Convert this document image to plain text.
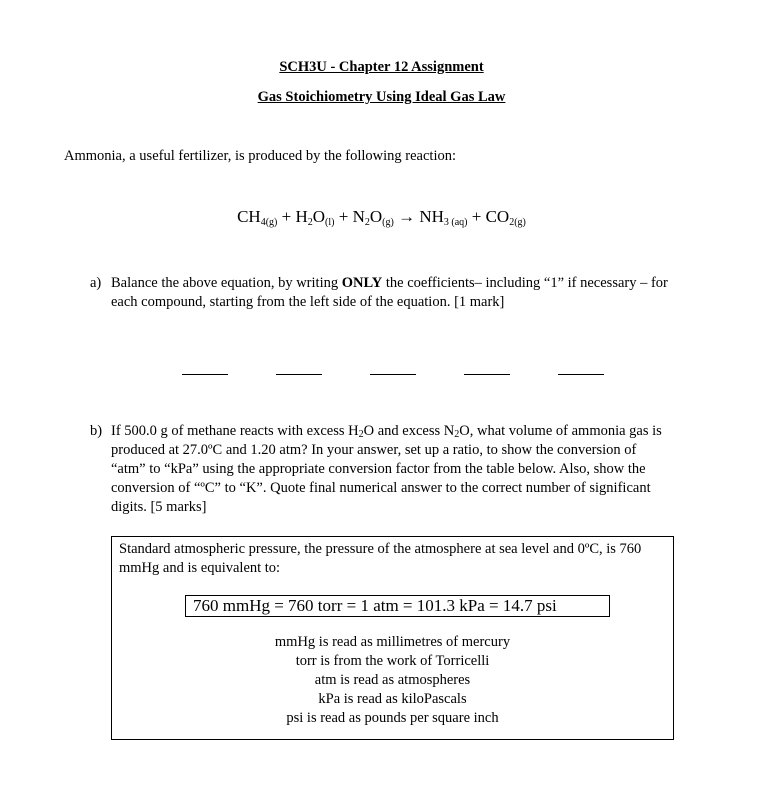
SCH3U - Chapter 12 Assignment
Gas Stoichiometry Using Ideal Gas Law
Ammonia, a useful fertilizer, is produced by the following reaction:
$CH_{4(g)} + H_2O_{(l)} + N_2O_{(g)} \to NH_{3 (aq)} + CO_{2(g)}$
a) Balance the above equation, by writing ONLY the coefficients– including “1” if necessary – for each compound, starting from the left side of the equation. [1 mark]
b) If 500.0 g of methane reacts with excess $H_2O$ and excess $N_2O$, what volume of ammonia gas is produced at 27.0ºC and 1.20 atm? In your answer, set up a ratio, to show the conversion of “atm” to “kPa” using the appropriate conversion factor from the table below. Also, show the conversion of “ºC” to “K”. Quote final numerical answer to the correct number of significant digits. [5 marks]
Standard atmospheric pressure, the pressure of the atmosphere at sea level and 0ºC, is 760 mmHg and is equivalent to:
760 mmHg = 760 torr = 1 atm = 101.3 kPa = 14.7 psi
mmHg is read as millimetres of mercury
torr is from the work of Torricelli
atm is read as atmospheres
kPa is read as kiloPascals
psi is read as pounds per square inch
